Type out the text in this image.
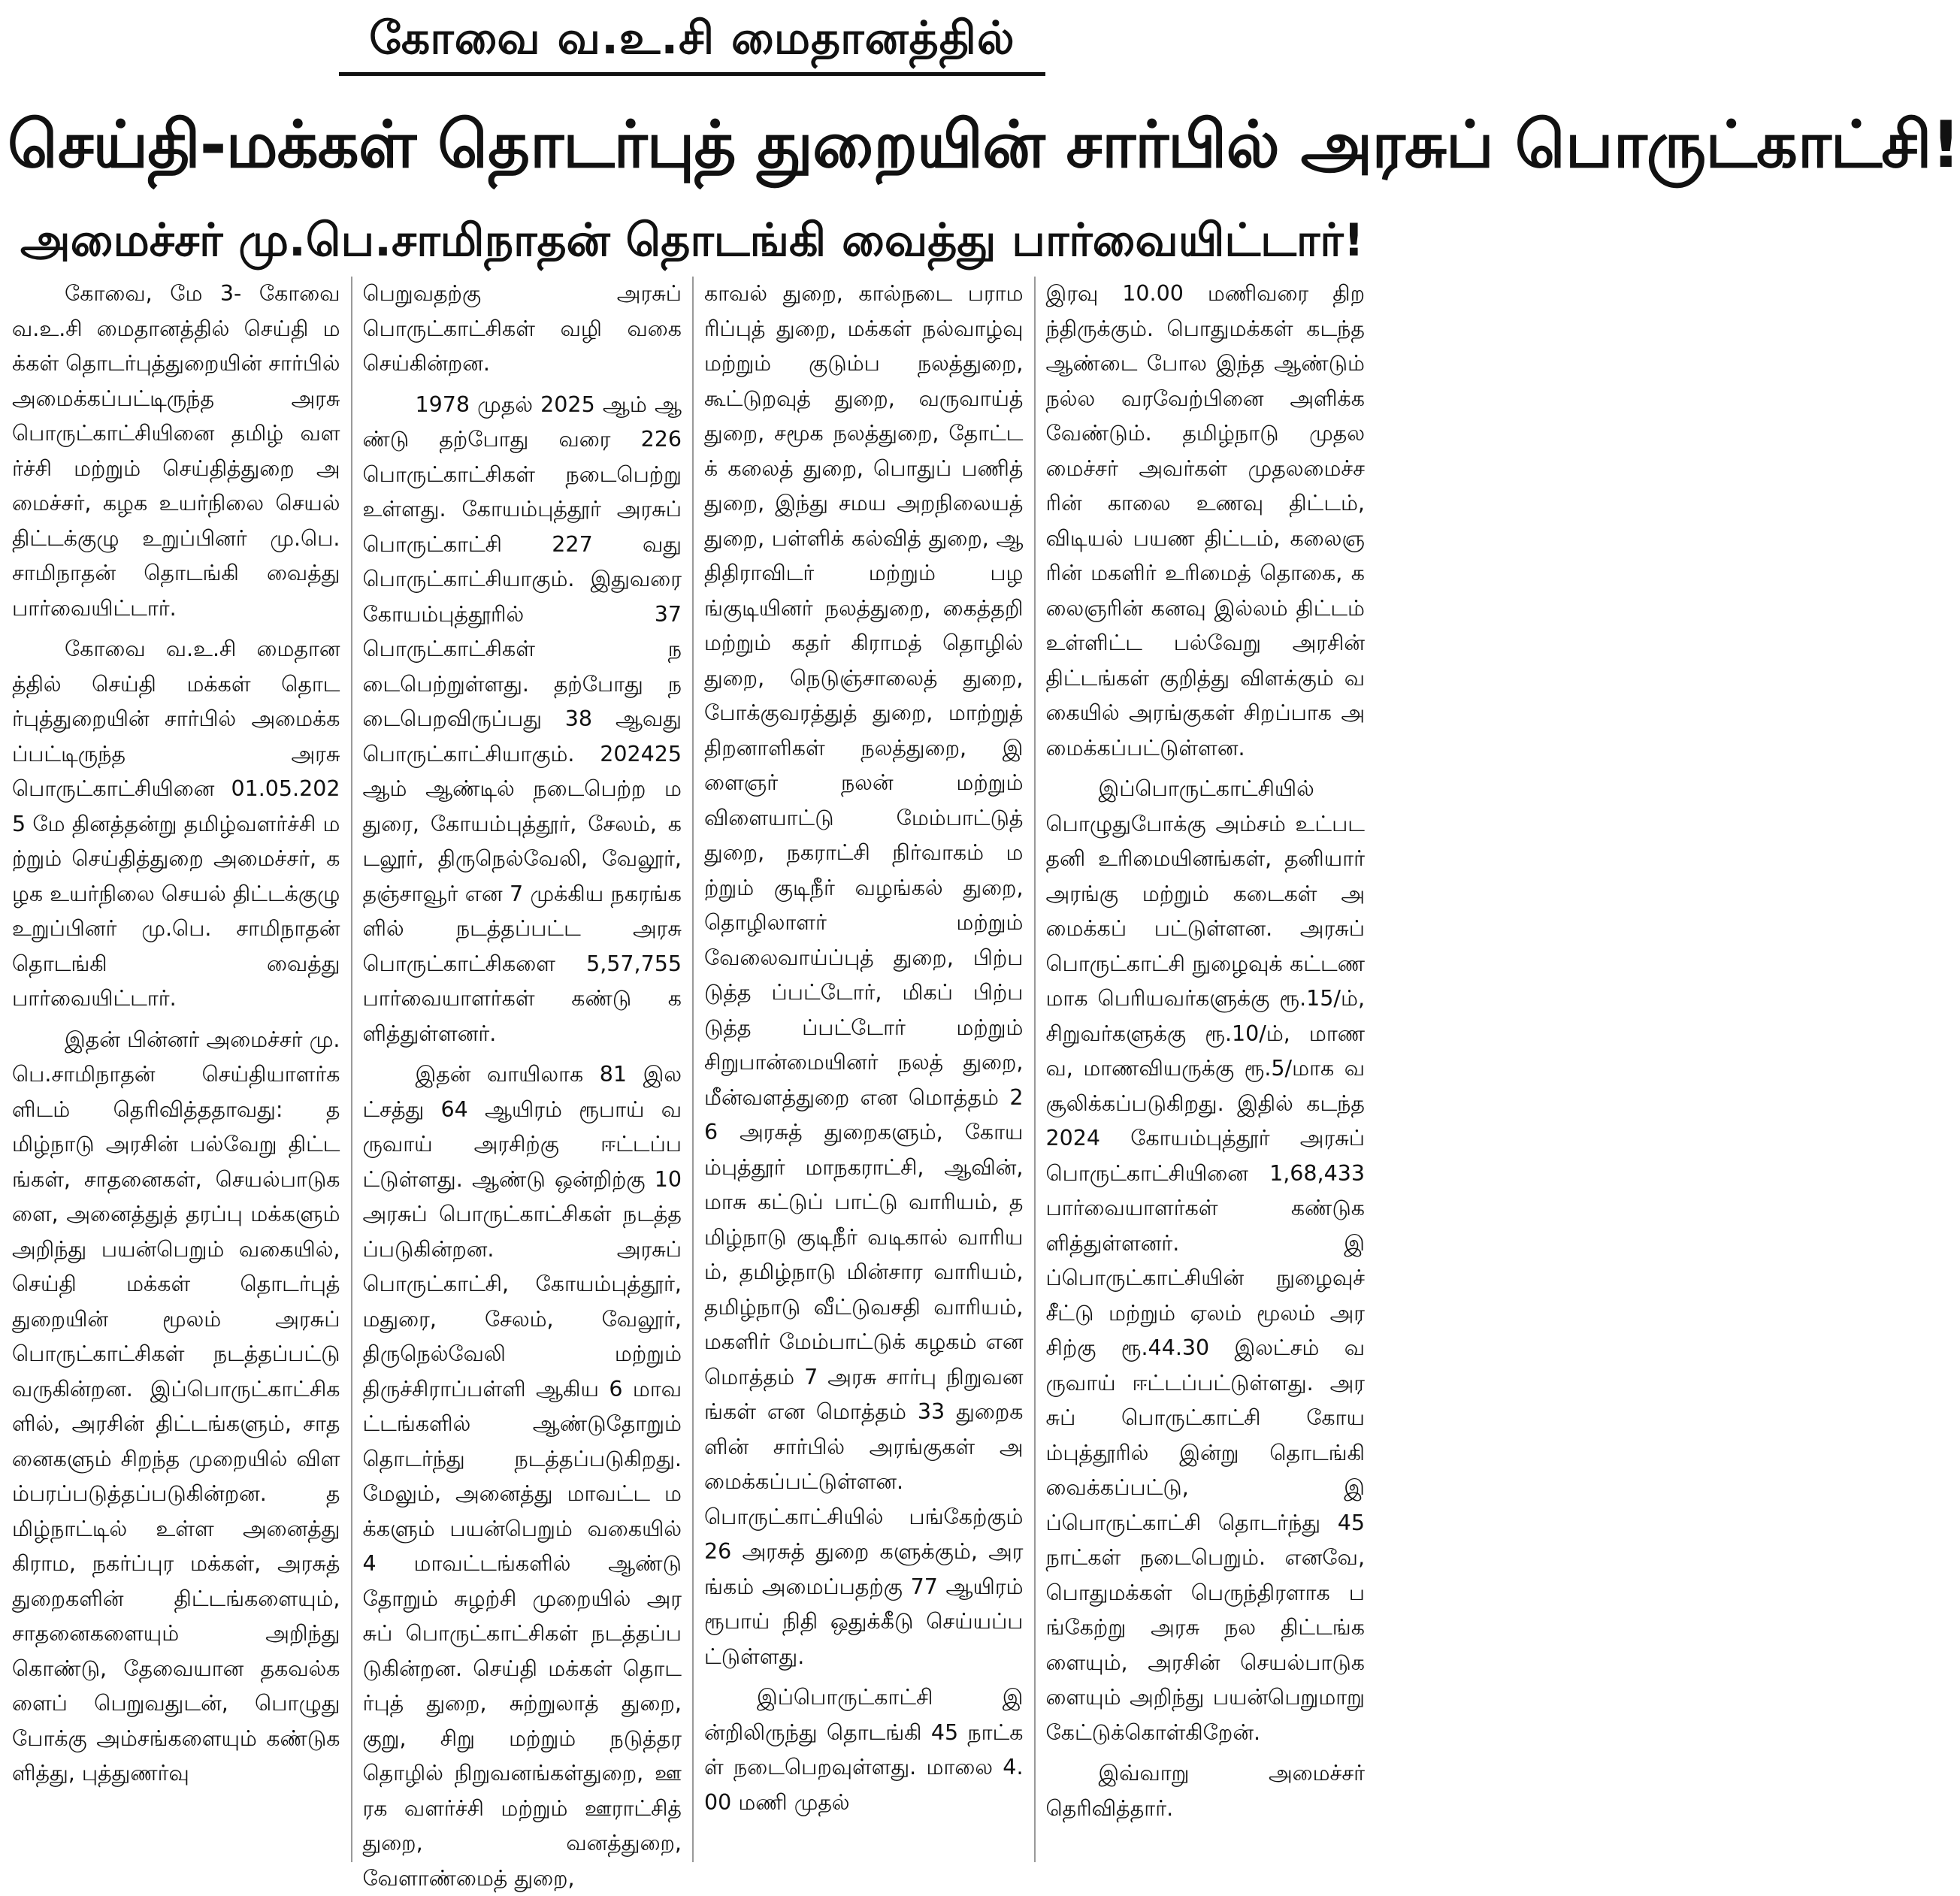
கோவை வ.உ.சி மைதானத்தில்
செய்தி-மக்கள் தொடர்புத் துறையின் சார்பில் அரசுப் பொருட்காட்சி!
அமைச்சர் மு.பெ.சாமிநாதன் தொடங்கி வைத்து பார்வையிட்டார்!

கோவை, மே 3- கோவை வ.உ.சி மைதானத்தில் செய்தி மக்கள் தொடர்புத்துறையின் சார்பில் அமைக்கப்பட்டிருந்த அரசு பொருட்காட்சியினை தமிழ் வளர்ச்சி மற்றும் செய்தித்துறை அமைச்சர், கழக உயர்நிலை செயல் திட்டக்குழு உறுப்பினர் மு.பெ. சாமிநாதன் தொடங்கி வைத்து பார்வையிட்டார்.

கோவை வ.உ.சி மைதானத்தில் செய்தி மக்கள் தொடர்புத்துறையின் சார்பில் அமைக்கப்பட்டிருந்த அரசு பொருட்காட்சியினை 01.05.2025 மே தினத்தன்று தமிழ்வளர்ச்சி மற்றும் செய்தித்துறை அமைச்சர், கழக உயர்நிலை செயல் திட்டக்குழு உறுப்பினர் மு.பெ. சாமிநாதன் தொடங்கி வைத்து பார்வையிட்டார்.

இதன் பின்னர் அமைச்சர் மு.பெ.சாமிநாதன் செய்தியாளர்களிடம் தெரிவித்ததாவது: தமிழ்நாடு அரசின் பல்வேறு திட்டங்கள், சாதனைகள், செயல்பாடுகளை, அனைத்துத் தரப்பு மக்களும் அறிந்து பயன்பெறும் வகையில், செய்தி மக்கள் தொடர்புத் துறையின் மூலம் அரசுப் பொருட்காட்சிகள் நடத்தப்பட்டு வருகின்றன. இப்பொருட்காட்சிகளில், அரசின் திட்டங்களும், சாதனைகளும் சிறந்த முறையில் விளம்பரப்படுத்தப்படுகின்றன. தமிழ்நாட்டில் உள்ள அனைத்து கிராம, நகர்ப்புர மக்கள், அரசுத் துறைகளின் திட்டங்களையும், சாதனைகளையும் அறிந்து கொண்டு, தேவையான தகவல்களைப் பெறுவதுடன், பொழுது போக்கு அம்சங்களையும் கண்டுகளித்து, புத்துணர்வு

பெறுவதற்கு அரசுப் பொருட்காட்சிகள் வழி வகை செய்கின்றன.

1978 முதல் 2025 ஆம் ஆண்டு தற்போது வரை 226 பொருட்காட்சிகள் நடைபெற்று உள்ளது. கோயம்புத்தூர் அரசுப் பொருட்காட்சி 227 வது பொருட்காட்சியாகும். இதுவரை கோயம்புத்தூரில் 37 பொருட்காட்சிகள் நடைபெற்றுள்ளது. தற்போது நடைபெறவிருப்பது 38 ஆவது பொருட்காட்சியாகும். 202425 ஆம் ஆண்டில் நடைபெற்ற மதுரை, கோயம்புத்தூர், சேலம், கடலூர், திருநெல்வேலி, வேலூர், தஞ்சாவூர் என 7 முக்கிய நகரங்களில் நடத்தப்பட்ட அரசு பொருட்காட்சிகளை 5,57,755 பார்வையாளர்கள் கண்டு களித்துள்ளனர்.

இதன் வாயிலாக 81 இலட்சத்து 64 ஆயிரம் ரூபாய் வருவாய் அரசிற்கு ஈட்டப்பட்டுள்ளது. ஆண்டு ஒன்றிற்கு 10 அரசுப் பொருட்காட்சிகள் நடத்தப்படுகின்றன. அரசுப் பொருட்காட்சி, கோயம்புத்தூர், மதுரை, சேலம், வேலூர், திருநெல்வேலி மற்றும் திருச்சிராப்பள்ளி ஆகிய 6 மாவட்டங்களில் ஆண்டுதோறும் தொடர்ந்து நடத்தப்படுகிறது. மேலும், அனைத்து மாவட்ட மக்களும் பயன்பெறும் வகையில் 4 மாவட்டங்களில் ஆண்டு தோறும் சுழற்சி முறையில் அரசுப் பொருட்காட்சிகள் நடத்தப்படுகின்றன. செய்தி மக்கள் தொடர்புத் துறை, சுற்றுலாத் துறை, குறு, சிறு மற்றும் நடுத்தர தொழில் நிறுவனங்கள்துறை, ஊரக வளர்ச்சி மற்றும் ஊராட்சித் துறை, வனத்துறை, வேளாண்மைத் துறை,

காவல் துறை, கால்நடை பராமரிப்புத் துறை, மக்கள் நல்வாழ்வு மற்றும் குடும்ப நலத்துறை, கூட்டுறவுத் துறை, வருவாய்த் துறை, சமூக நலத்துறை, தோட்டக் கலைத் துறை, பொதுப் பணித் துறை, இந்து சமய அறநிலையத் துறை, பள்ளிக் கல்வித் துறை, ஆதிதிராவிடர் மற்றும் பழங்குடியினர் நலத்துறை, கைத்தறி மற்றும் கதர் கிராமத் தொழில் துறை, நெடுஞ்சாலைத் துறை, போக்குவரத்துத் துறை, மாற்றுத் திறனாளிகள் நலத்துறை, இளைஞர் நலன் மற்றும் விளையாட்டு மேம்பாட்டுத் துறை, நகராட்சி நிர்வாகம் மற்றும் குடிநீர் வழங்கல் துறை, தொழிலாளர் மற்றும் வேலைவாய்ப்புத் துறை, பிற்படுத்த ப்பட்டோர், மிகப் பிற்படுத்த ப்பட்டோர் மற்றும் சிறுபான்மையினர் நலத் துறை, மீன்வளத்துறை என மொத்தம் 26 அரசுத் துறைகளும், கோயம்புத்தூர் மாநகராட்சி, ஆவின், மாசு கட்டுப் பாட்டு வாரியம், தமிழ்நாடு குடிநீர் வடிகால் வாரியம், தமிழ்நாடு மின்சார வாரியம், தமிழ்நாடு வீட்டுவசதி வாரியம், மகளிர் மேம்பாட்டுக் கழகம் என மொத்தம் 7 அரசு சார்பு நிறுவனங்கள் என மொத்தம் 33 துறைகளின் சார்பில் அரங்குகள் அமைக்கப்பட்டுள்ளன. பொருட்காட்சியில் பங்கேற்கும் 26 அரசுத் துறை களுக்கும், அரங்கம் அமைப்பதற்கு 77 ஆயிரம் ரூபாய் நிதி ஒதுக்கீடு செய்யப்பட்டுள்ளது.

இப்பொருட்காட்சி இன்றிலிருந்து தொடங்கி 45 நாட்கள் நடைபெறவுள்ளது. மாலை 4.00 மணி முதல்

இரவு 10.00 மணிவரை திறந்திருக்கும். பொதுமக்கள் கடந்த ஆண்டை போல இந்த ஆண்டும் நல்ல வரவேற்பினை அளிக்கவேண்டும். தமிழ்நாடு முதலமைச்சர் அவர்கள் முதலமைச்சரின் காலை உணவு திட்டம், விடியல் பயண திட்டம், கலைஞரின் மகளிர் உரிமைத் தொகை, கலைஞரின் கனவு இல்லம் திட்டம் உள்ளிட்ட பல்வேறு அரசின் திட்டங்கள் குறித்து விளக்கும் வகையில் அரங்குகள் சிறப்பாக அமைக்கப்பட்டுள்ளன.

இப்பொருட்காட்சியில் பொழுதுபோக்கு அம்சம் உட்பட தனி உரிமையினங்கள், தனியார் அரங்கு மற்றும் கடைகள் அமைக்கப் பட்டுள்ளன. அரசுப் பொருட்காட்சி நுழைவுக் கட்டணமாக பெரியவர்களுக்கு ரூ.15/ம், சிறுவர்களுக்கு ரூ.10/ம், மாணவ, மாணவியருக்கு ரூ.5/மாக வசூலிக்கப்படுகிறது. இதில் கடந்த 2024 கோயம்புத்தூர் அரசுப் பொருட்காட்சியினை 1,68,433 பார்வையாளர்கள் கண்டுகளித்துள்ளனர். இப்பொருட்காட்சியின் நுழைவுச் சீட்டு மற்றும் ஏலம் மூலம் அரசிற்கு ரூ.44.30 இலட்சம் வருவாய் ஈட்டப்பட்டுள்ளது. அரசுப் பொருட்காட்சி கோயம்புத்தூரில் இன்று தொடங்கி வைக்கப்பட்டு, இப்பொருட்காட்சி தொடர்ந்து 45 நாட்கள் நடைபெறும். எனவே, பொதுமக்கள் பெருந்திரளாக பங்கேற்று அரசு நல திட்டங்களையும், அரசின் செயல்பாடுகளையும் அறிந்து பயன்பெறுமாறு கேட்டுக்கொள்கிறேன்.

இவ்வாறு அமைச்சர் தெரிவித்தார்.
